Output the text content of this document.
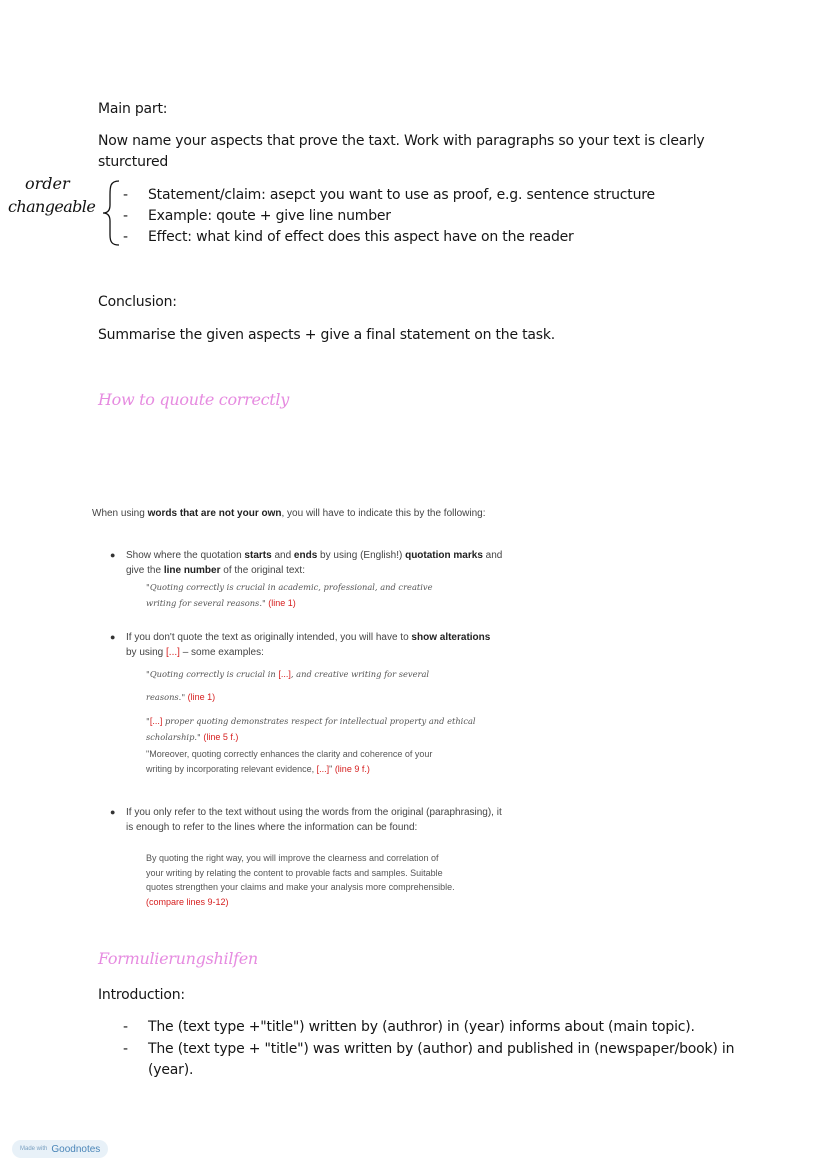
Main part:
Now name your aspects that prove the taxt. Work with paragraphs so your text is clearly
sturctured
order
changeable
- Statement/claim: asepct you want to use as proof, e.g. sentence structure
- Example: qoute + give line number
- Effect: what kind of effect does this aspect have on the reader
Conclusion:
Summarise the given aspects + give a final statement on the task.
How to quoute correctly
When using words that are not your own, you will have to indicate this by the following:
● Show where the quotation starts and ends by using (English!) quotation marks and
give the line number of the original text:
"Quoting correctly is crucial in academic, professional, and creative
writing for several reasons." (line 1)
● If you don't quote the text as originally intended, you will have to show alterations
by using [...] – some examples:
"Quoting correctly is crucial in [...], and creative writing for several
reasons." (line 1)
"[...] proper quoting demonstrates respect for intellectual property and ethical
scholarship." (line 5 f.)
"Moreover, quoting correctly enhances the clarity and coherence of your
writing by incorporating relevant evidence, [...]" (line 9 f.)
● If you only refer to the text without using the words from the original (paraphrasing), it
is enough to refer to the lines where the information can be found:
By quoting the right way, you will improve the clearness and correlation of
your writing by relating the content to provable facts and samples. Suitable
quotes strengthen your claims and make your analysis more comprehensible.
(compare lines 9-12)
Formulierungshilfen
Introduction:
- The (text type +"title") written by (authror) in (year) informs about (main topic).
- The (text type + "title") was written by (author) and published in (newspaper/book) in
(year).
Made with Goodnotes
